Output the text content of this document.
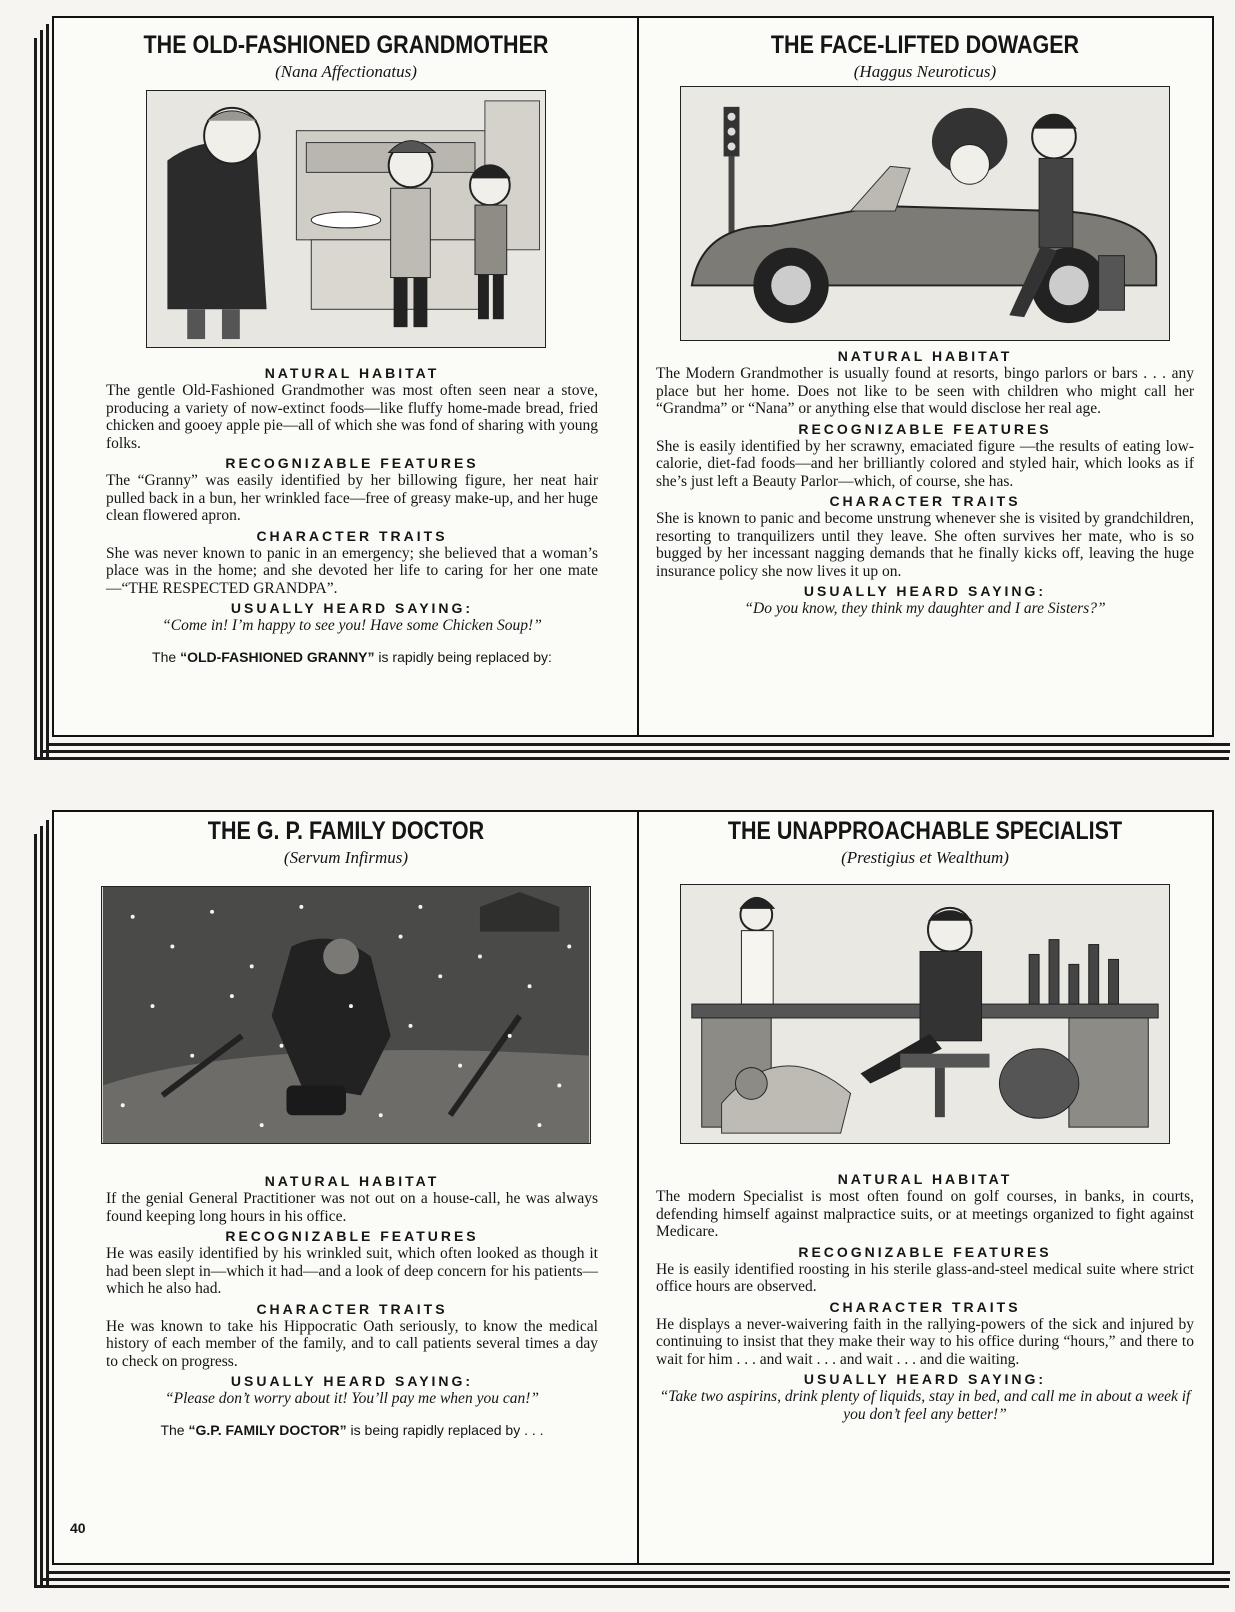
THE OLD-FASHIONED GRANDMOTHER

(Nana Affectionatus)

NATURAL HABITAT

The gentle Old-Fashioned Grandmother was most often seen near a stove, producing a variety of now-extinct foods—like fluffy home-made bread, fried chicken and gooey apple pie—all of which she was fond of sharing with young folks.

RECOGNIZABLE FEATURES

The “Granny” was easily identified by her billowing figure, her neat hair pulled back in a bun, her wrinkled face—free of greasy make-up, and her huge clean flowered apron.

CHARACTER TRAITS

She was never known to panic in an emergency; she believed that a woman’s place was in the home; and she devoted her life to caring for her one mate—“THE RESPECTED GRANDPA”.

USUALLY HEARD SAYING:

“Come in! I’m happy to see you! Have some Chicken Soup!”

The “OLD-FASHIONED GRANNY” is rapidly being replaced by:

THE FACE-LIFTED DOWAGER

(Haggus Neuroticus)

NATURAL HABITAT

The Modern Grandmother is usually found at resorts, bingo parlors or bars . . . any place but her home. Does not like to be seen with children who might call her “Grandma” or “Nana” or anything else that would disclose her real age.

RECOGNIZABLE FEATURES

She is easily identified by her scrawny, emaciated figure —the results of eating low-calorie, diet-fad foods—and her brilliantly colored and styled hair, which looks as if she’s just left a Beauty Parlor—which, of course, she has.

CHARACTER TRAITS

She is known to panic and become unstrung whenever she is visited by grandchildren, resorting to tranquilizers until they leave. She often survives her mate, who is so bugged by her incessant nagging demands that he finally kicks off, leaving the huge insurance policy she now lives it up on.

USUALLY HEARD SAYING:

“Do you know, they think my daughter and I are Sisters?”

THE G. P. FAMILY DOCTOR

(Servum Infirmus)

NATURAL HABITAT

If the genial General Practitioner was not out on a house-call, he was always found keeping long hours in his office.

RECOGNIZABLE FEATURES

He was easily identified by his wrinkled suit, which often looked as though it had been slept in—which it had—and a look of deep concern for his patients—which he also had.

CHARACTER TRAITS

He was known to take his Hippocratic Oath seriously, to know the medical history of each member of the family, and to call patients several times a day to check on progress.

USUALLY HEARD SAYING:

“Please don’t worry about it! You’ll pay me when you can!”

The “G.P. FAMILY DOCTOR” is being rapidly replaced by . . .

THE UNAPPROACHABLE SPECIALIST

(Prestigius et Wealthum)

NATURAL HABITAT

The modern Specialist is most often found on golf courses, in banks, in courts, defending himself against malpractice suits, or at meetings organized to fight against Medicare.

RECOGNIZABLE FEATURES

He is easily identified roosting in his sterile glass-and-steel medical suite where strict office hours are observed.

CHARACTER TRAITS

He displays a never-waivering faith in the rallying-powers of the sick and injured by continuing to insist that they make their way to his office during “hours,” and there to wait for him . . . and wait . . . and wait . . . and die waiting.

USUALLY HEARD SAYING:

“Take two aspirins, drink plenty of liquids, stay in bed, and call me in about a week if you don’t feel any better!”

40
